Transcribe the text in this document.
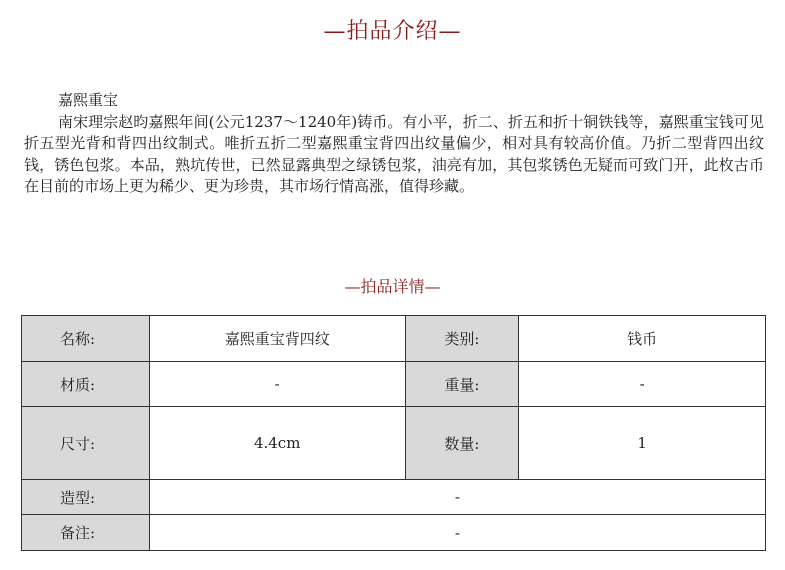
—拍品介绍—
嘉熙重宝
南宋理宗赵昀嘉熙年间(公元1237～1240年)铸币。有小平，折二、折五和折十铜铁钱等，嘉熙重宝钱可见折五型光背和背四出纹制式。唯折五折二型嘉熙重宝背四出纹量偏少，相对具有较高价值。乃折二型背四出纹钱，锈色包浆。本品，熟坑传世，已然显露典型之绿锈包浆，油亮有加，其包浆锈色无疑而可致门开，此枚古币在目前的市场上更为稀少、更为珍贵，其市场行情高涨，值得珍藏。
—拍品详情—
名称:	嘉熙重宝背四纹	类别:	钱币
材质:	-	重量:	-
尺寸:	4.4cm	数量:	1
造型:	-		
备注:	-		
